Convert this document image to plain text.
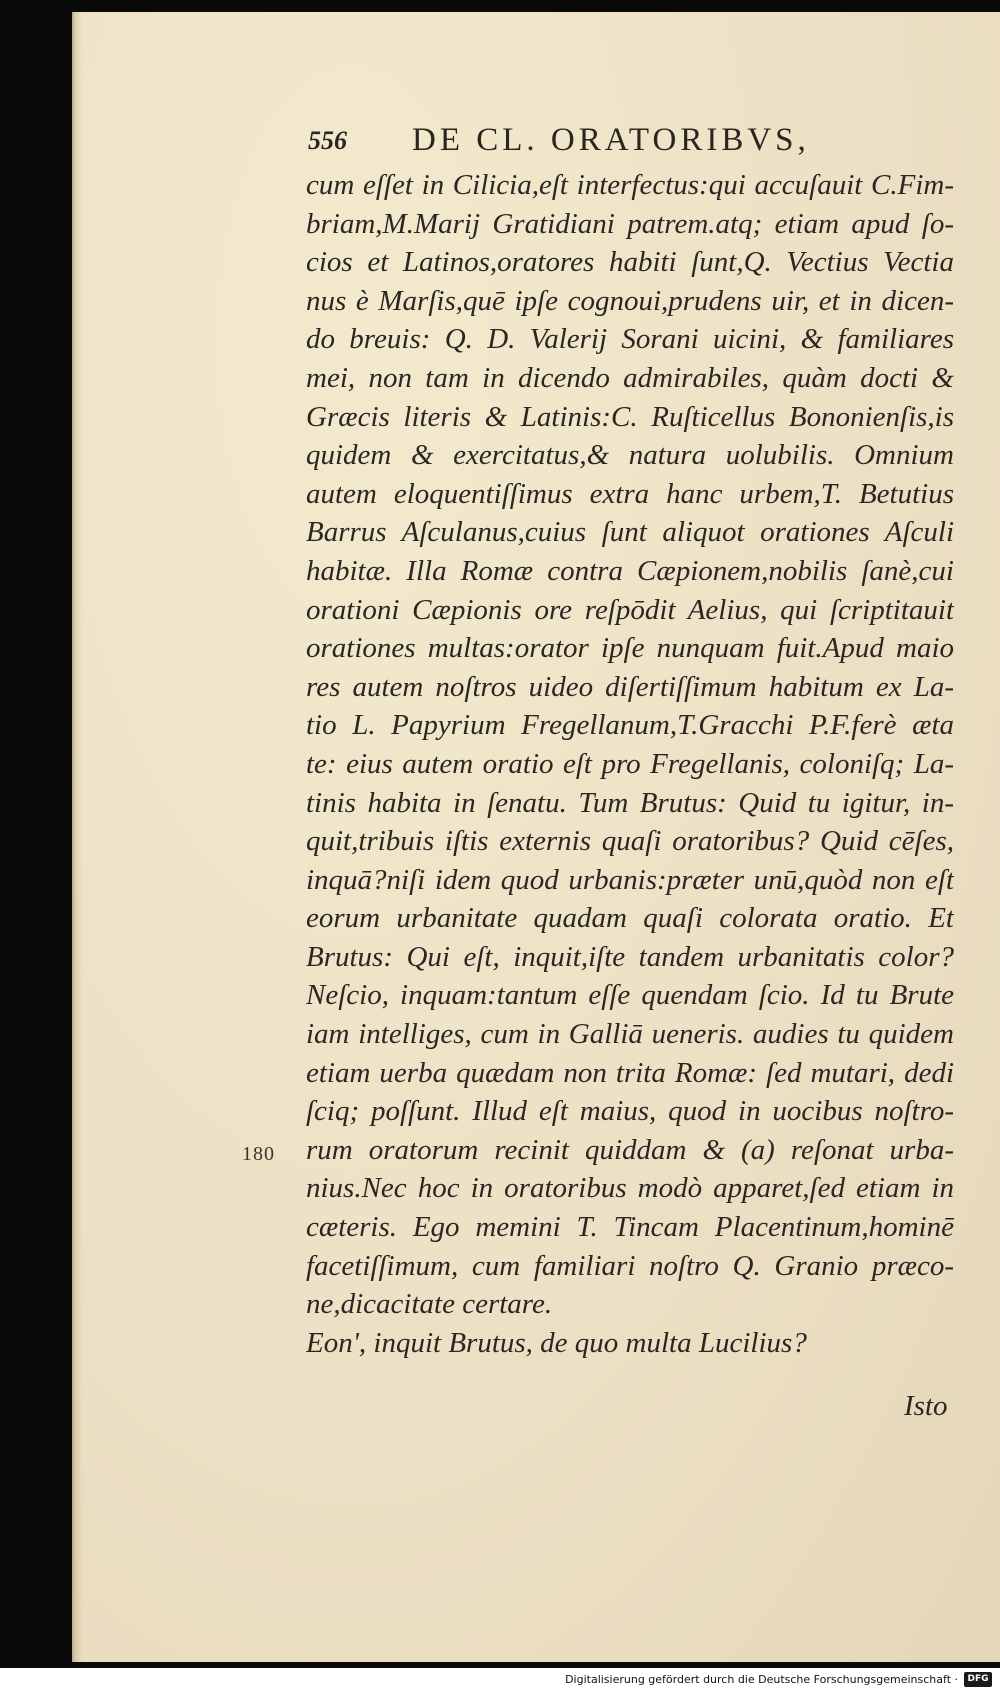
556 DE CL. ORATORIBVS,
cum eſſet in Cilicia,eſt interfectus:qui accuſauit C.Fim-
briam,M.Marij Gratidiani patrem.atq; etiam apud ſo-
cios et Latinos,oratores habiti ſunt,Q. Vectius Vectia
nus è Marſis,quē ipſe cognoui,prudens uir, et in dicen-
do breuis: Q. D. Valerij Sorani uicini, & familiares
mei, non tam in dicendo admirabiles, quàm docti &
Græcis literis & Latinis:C. Ruſticellus Bononienſis,is
quidem & exercitatus,& natura uolubilis. Omnium
autem eloquentiſſimus extra hanc urbem,T. Betutius
Barrus Aſculanus,cuius ſunt aliquot orationes Aſculi
habitæ. Illa Romæ contra Cæpionem,nobilis ſanè,cui
orationi Cæpionis ore reſpōdit Aelius, qui ſcriptitauit
orationes multas:orator ipſe nunquam fuit.Apud maio
res autem noſtros uideo diſertiſſimum habitum ex La-
tio L. Papyrium Fregellanum,T.Gracchi P.F.ferè æta
te: eius autem oratio eſt pro Fregellanis, coloniſq; La-
tinis habita in ſenatu. Tum Brutus: Quid tu igitur, in-
quit,tribuis iſtis externis quaſi oratoribus? Quid cēſes,
inquā?niſi idem quod urbanis:præter unū,quòd non eſt
eorum urbanitate quadam quaſi colorata oratio. Et
Brutus: Qui eſt, inquit,iſte tandem urbanitatis color?
Neſcio, inquam:tantum eſſe quendam ſcio. Id tu Brute
iam intelliges, cum in Galliā ueneris. audies tu quidem
etiam uerba quædam non trita Romæ: ſed mutari, dedi
ſciq; poſſunt. Illud eſt maius, quod in uocibus noſtro-
rum oratorum recinit quiddam & (a) reſonat urba-
nius.Nec hoc in oratoribus modò apparet,ſed etiam in
cæteris. Ego memini T. Tincam Placentinum,hominē
facetiſſimum, cum familiari noſtro Q. Granio præco-
ne,dicacitate certare.
Eon', inquit Brutus, de quo multa Lucilius?
180
Isto
Digitalisierung gefördert durch die Deutsche Forschungsgemeinschaft ·	DFG
